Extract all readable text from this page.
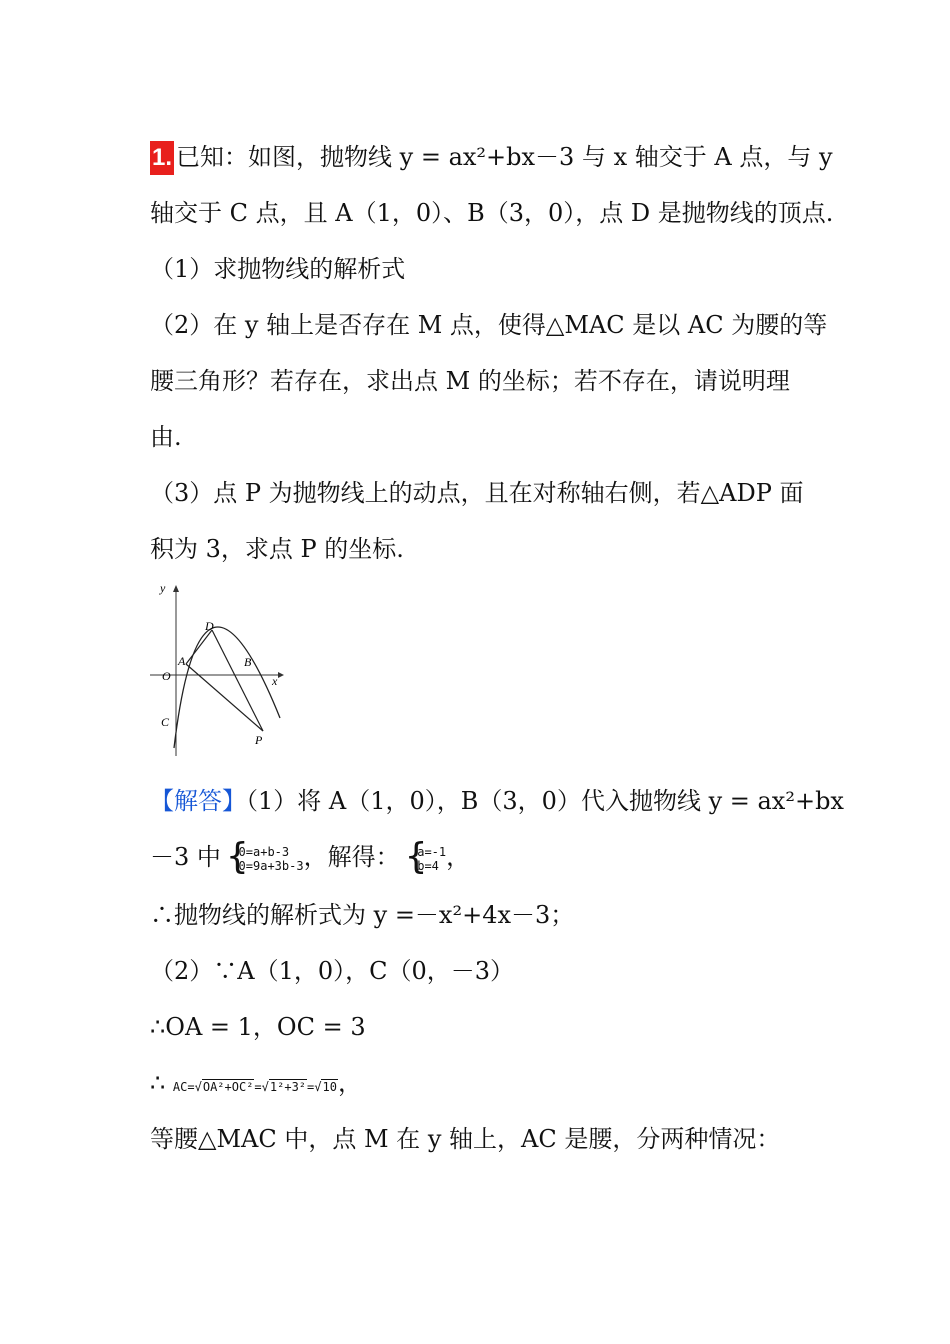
1. 已知：如图，抛物线 y = ax²+bx－3 与 x 轴交于 A 点，与 y
轴交于 C 点，且 A（1，0）、B（3，0），点 D 是抛物线的顶点.
（1）求抛物线的解析式
（2）在 y 轴上是否存在 M 点，使得△MAC 是以 AC 为腰的等
腰三角形？若存在，求出点 M 的坐标；若不存在，请说明理
由.
（3）点 P 为抛物线上的动点，且在对称轴右侧，若△ADP 面
积为 3，求点 P 的坐标.
y
x
O
A	B
C
D
P
【解答】（1）将 A（1，0），B（3，0）代入抛物线 y = ax²+bx
－3 中 { 0=a+b-3
0=9a+3b-3 ，解得： { a=-1
b=4 ，
∴抛物线的解析式为 y =－x²+4x－3；
（2）∵A（1，0），C（0，－3）
∴OA = 1，OC = 3
∴ AC=√OA²+OC²=√1²+3²=√10，
等腰△MAC 中，点 M 在 y 轴上，AC 是腰，分两种情况：
